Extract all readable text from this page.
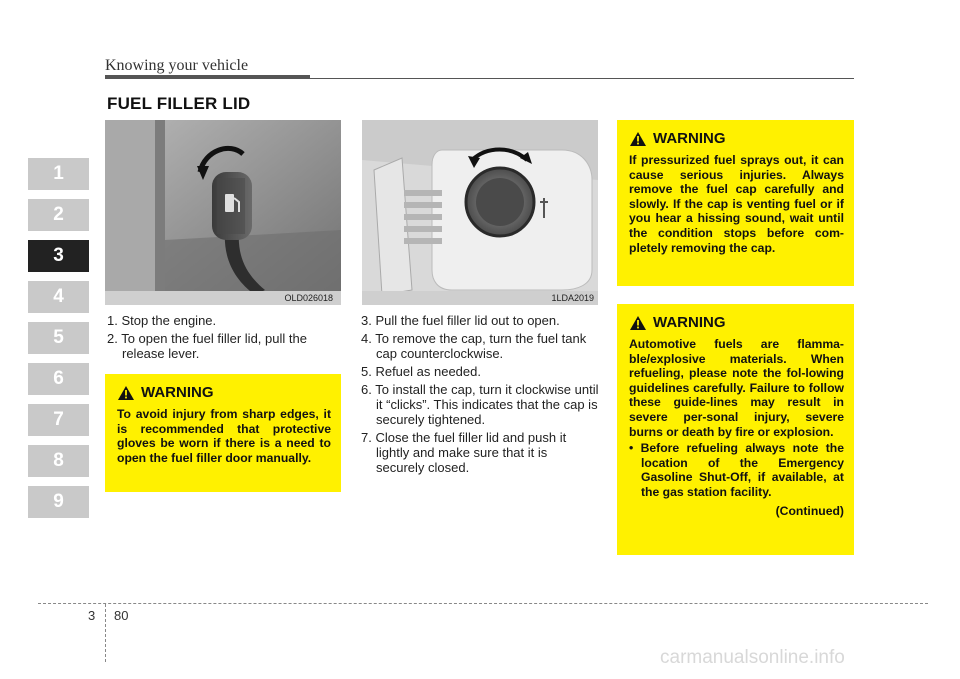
Knowing your vehicle
FUEL FILLER LID
1
2
3
4
5
6
7
8
9
OLD026018	1LDA2019
1. Stop the engine.
2. To open the fuel filler lid, pull the release lever.
3. Pull the fuel filler lid out to open.
4. To remove the cap, turn the fuel tank cap counterclockwise.
5. Refuel as needed.
6. To install the cap, turn it clockwise until it “clicks”. This indicates that the cap is securely tightened.
7. Close the fuel filler lid and push it lightly and make sure that it is securely closed.
WARNING
To avoid injury from sharp edges, it is recommended that protective gloves be worn if there is a need to open the fuel filler door manually.
WARNING
If pressurized fuel sprays out, it can cause serious injuries. Always remove the fuel cap carefully and slowly. If the cap is venting fuel or if you hear a hissing sound, wait until the condition stops before com-pletely removing the cap.
WARNING
Automotive fuels are flamma-ble/explosive materials. When refueling, please note the fol-lowing guidelines carefully. Failure to follow these guide-lines may result in severe per-sonal injury, severe burns or death by fire or explosion.
• Before refueling always note the location of the Emergency Gasoline Shut-Off, if available, at the gas station facility.
(Continued)
3 80
carmanualsonline.info
